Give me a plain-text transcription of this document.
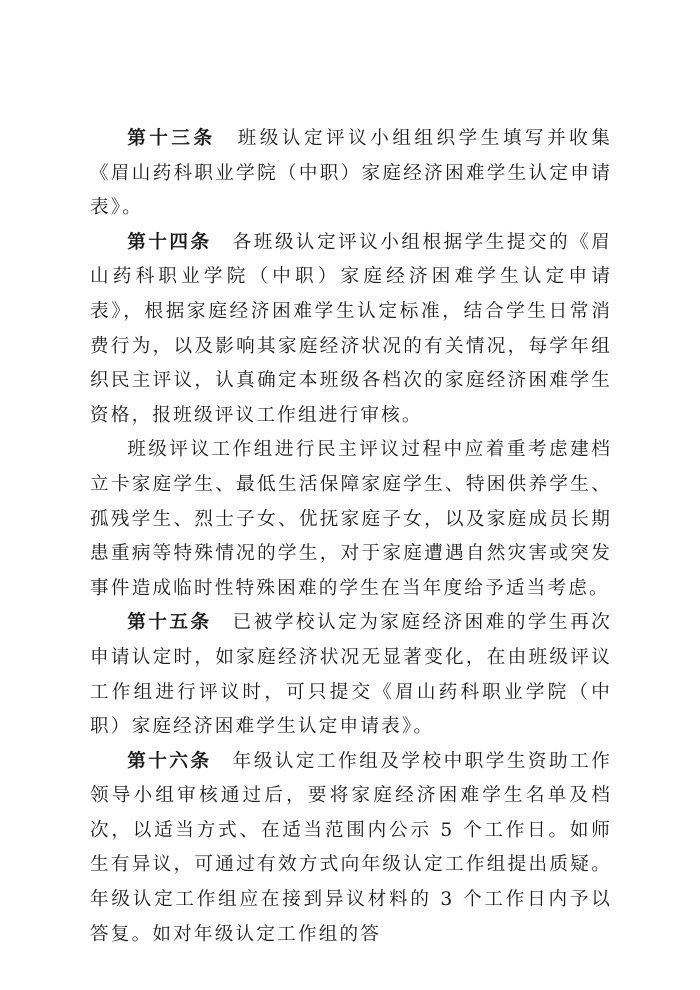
第十三条  班级认定评议小组组织学生填写并收集《眉山药科职业学院（中职）家庭经济困难学生认定申请表》。

第十四条  各班级认定评议小组根据学生提交的《眉山药科职业学院（中职）家庭经济困难学生认定申请表》，根据家庭经济困难学生认定标准，结合学生日常消费行为，以及影响其家庭经济状况的有关情况，每学年组织民主评议，认真确定本班级各档次的家庭经济困难学生资格，报班级评议工作组进行审核。

班级评议工作组进行民主评议过程中应着重考虑建档立卡家庭学生、最低生活保障家庭学生、特困供养学生、孤残学生、烈士子女、优抚家庭子女，以及家庭成员长期患重病等特殊情况的学生，对于家庭遭遇自然灾害或突发事件造成临时性特殊困难的学生在当年度给予适当考虑。

第十五条  已被学校认定为家庭经济困难的学生再次申请认定时，如家庭经济状况无显著变化，在由班级评议工作组进行评议时，可只提交《眉山药科职业学院（中职）家庭经济困难学生认定申请表》。

第十六条  年级认定工作组及学校中职学生资助工作领导小组审核通过后，要将家庭经济困难学生名单及档次，以适当方式、在适当范围内公示 5 个工作日。如师生有异议，可通过有效方式向年级认定工作组提出质疑。年级认定工作组应在接到异议材料的 3 个工作日内予以答复。如对年级认定工作组的答
